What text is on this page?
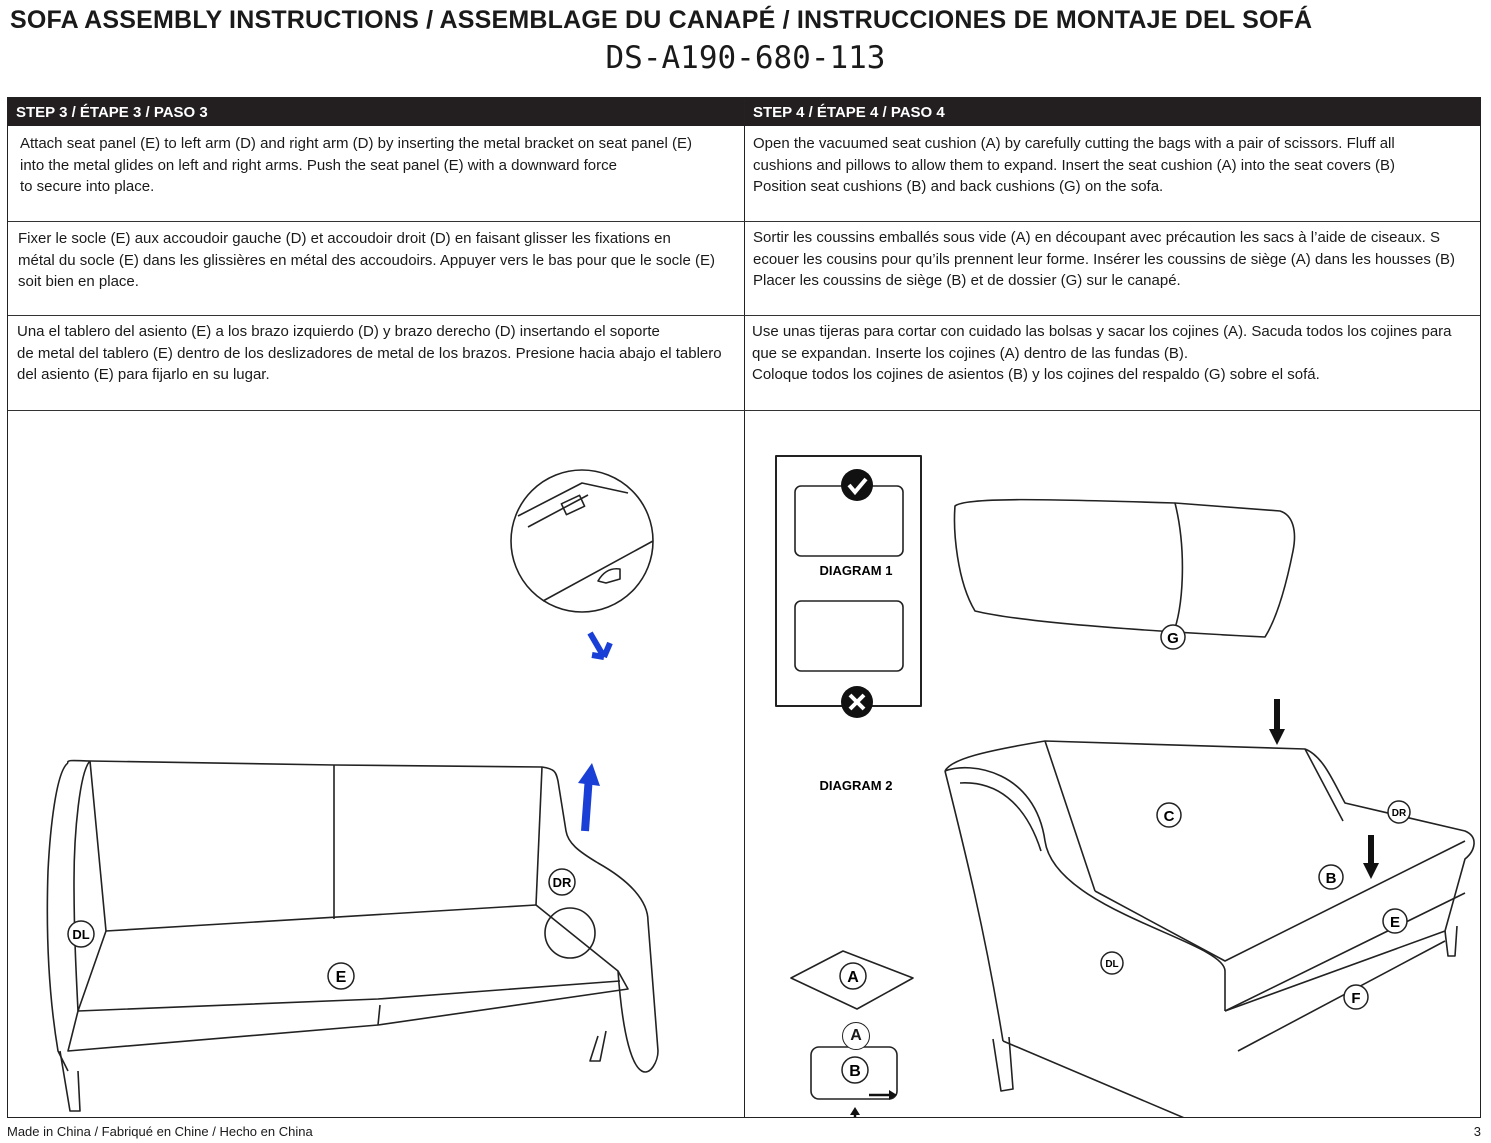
SOFA ASSEMBLY INSTRUCTIONS / ASSEMBLAGE DU CANAPÉ / INSTRUCCIONES DE MONTAJE DEL SOFÁ
DS-A190-680-113
STEP 3 / ÉTAPE 3 / PASO 3	STEP 4 / ÉTAPE 4 / PASO 4
Attach seat panel (E) to left arm (D) and right arm (D) by inserting the metal bracket on seat panel (E)
into the metal glides on left and right arms. Push the seat panel (E) with a downward force
to secure into place.
Fixer le socle (E) aux accoudoir gauche (D) et accoudoir droit (D) en faisant glisser les fixations en
métal du socle (E) dans les glissières en métal des accoudoirs. Appuyer vers le bas pour que le socle (E)
soit bien en place.
Una el tablero del asiento (E) a los brazo izquierdo (D) y brazo derecho (D) insertando el soporte
de metal del tablero (E) dentro de los deslizadores de metal de los brazos. Presione hacia abajo el tablero
del asiento (E) para fijarlo en su lugar.
Open the vacuumed seat cushion (A) by carefully cutting the bags with a pair of scissors. Fluff all
cushions and pillows to allow them to expand. Insert the seat cushion (A) into the seat covers (B)
Position seat cushions (B) and back cushions (G) on the sofa.
Sortir les coussins emballés sous vide (A) en découpant avec précaution les sacs à l’aide de ciseaux. S
ecouer les cousins pour qu’ils prennent leur forme. Insérer les coussins de siège (A) dans les housses (B)
Placer les coussins de siège (B) et de dossier (G) sur le canapé.
Use unas tijeras para cortar con cuidado las bolsas y sacar los cojines (A). Sacuda todos los cojines para
que se expandan. Inserte los cojines (A) dentro de las fundas (B).
Coloque todos los cojines de asientos (B) y los cojines del respaldo (G) sobre el sofá.
DL
DR
E
DIAGRAM 1
DIAGRAM 2
G
C
B
E
F
DL
DR
A
B
A
Made in China / Fabriqué en Chine / Hecho en China	3
